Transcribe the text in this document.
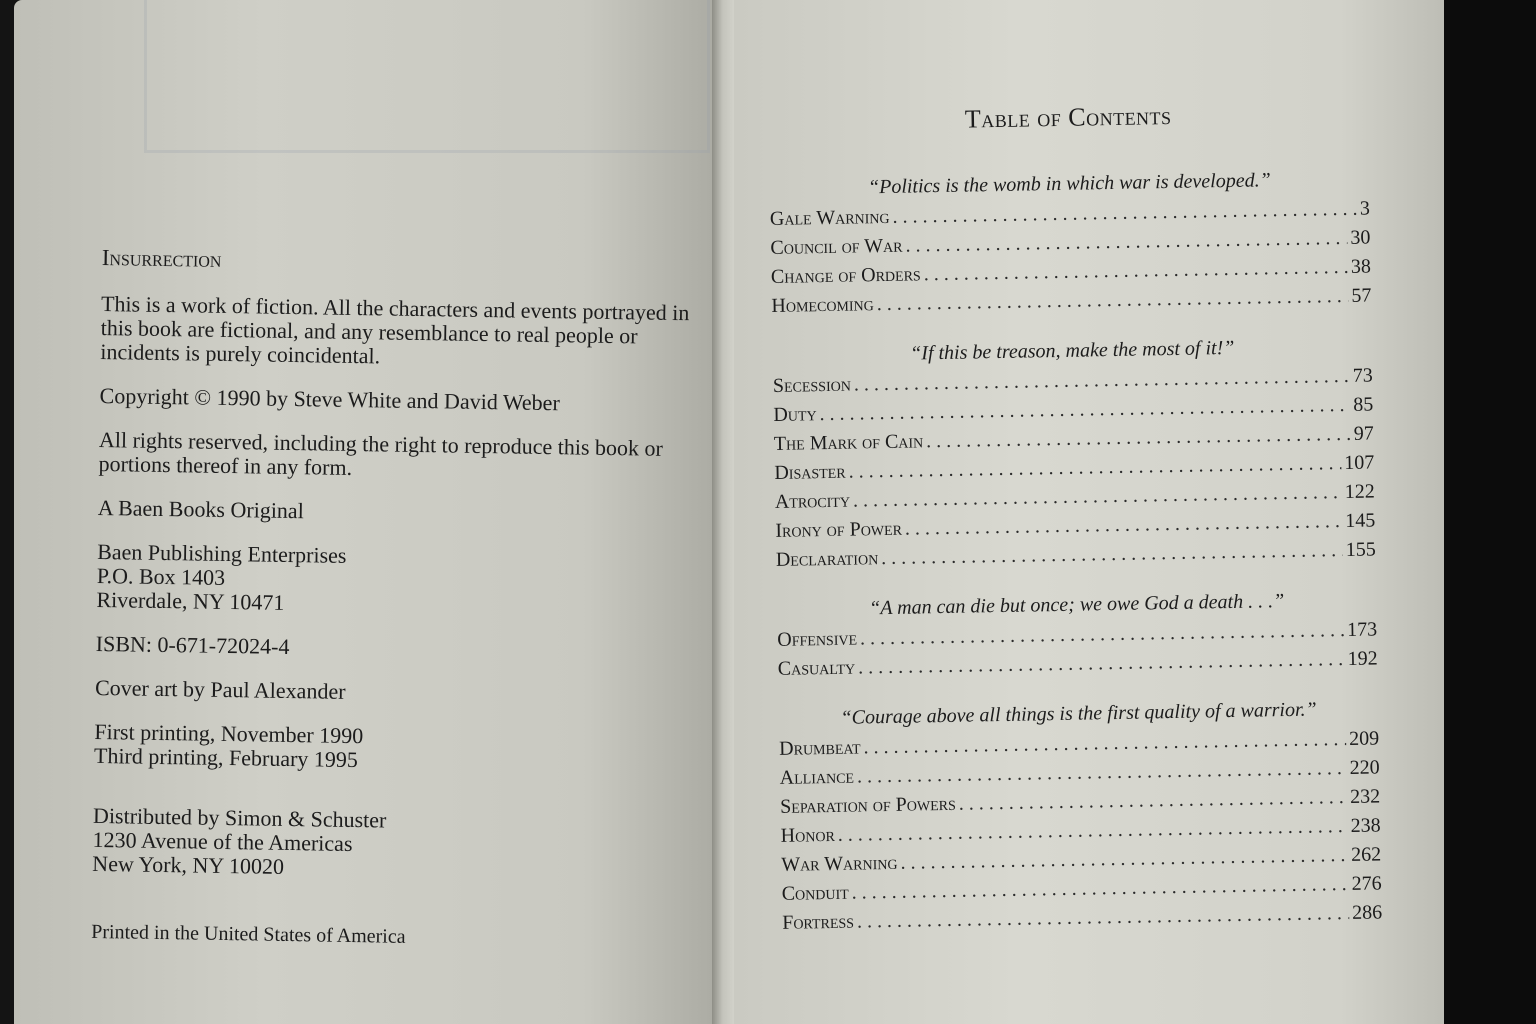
Insurrection

This is a work of fiction. All the characters and events portrayed in this book are fictional, and any resemblance to real people or incidents is purely coincidental.

Copyright © 1990 by Steve White and David Weber

All rights reserved, including the right to reproduce this book or portions thereof in any form.

A Baen Books Original

Baen Publishing Enterprises
P.O. Box 1403
Riverdale, NY 10471

ISBN: 0-671-72024-4

Cover art by Paul Alexander

First printing, November 1990
Third printing, February 1995

Distributed by Simon & Schuster
1230 Avenue of the Americas
New York, NY 10020

Printed in the United States of America

Table of Contents
“Politics is the womb in which war is developed.”
Gale Warning . . .	3
Council of War . . .	30
Change of Orders . . .	38
Homecoming . . .	57
“If this be treason, make the most of it!”
Secession . . .	73
Duty . . .	85
The Mark of Cain . . .	97
Disaster . . .	107
Atrocity . . .	122
Irony of Power . . .	145
Declaration . . .	155
“A man can die but once; we owe God a death . . .”
Offensive . . .	173
Casualty . . .	192
“Courage above all things is the first quality of a warrior.”
Drumbeat . . .	209
Alliance . . .	220
Separation of Powers . . .	232
Honor . . .	238
War Warning . . .	262
Conduit . . .	276
Fortress . . .	286
